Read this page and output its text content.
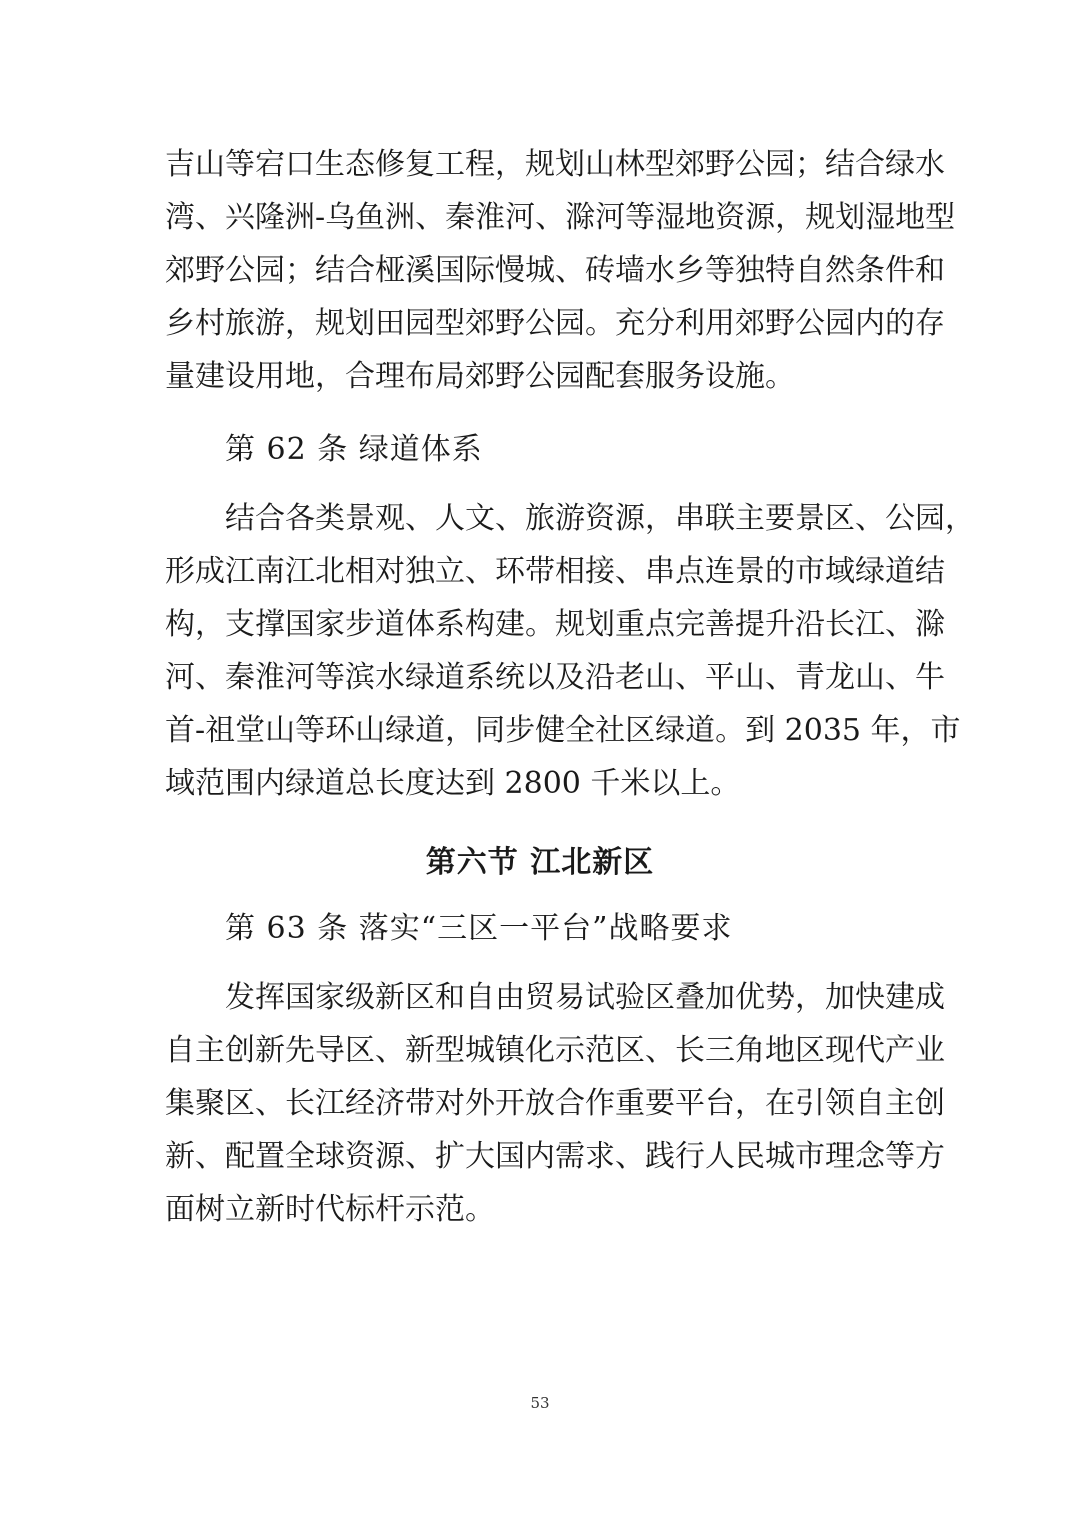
吉山等宕口生态修复工程，规划山林型郊野公园；结合绿水
湾、兴隆洲-乌鱼洲、秦淮河、滁河等湿地资源，规划湿地型
郊野公园；结合桠溪国际慢城、砖墙水乡等独特自然条件和
乡村旅游，规划田园型郊野公园。充分利用郊野公园内的存
量建设用地，合理布局郊野公园配套服务设施。
第 62 条 绿道体系
结合各类景观、人文、旅游资源，串联主要景区、公园，
形成江南江北相对独立、环带相接、串点连景的市域绿道结
构，支撑国家步道体系构建。规划重点完善提升沿长江、滁
河、秦淮河等滨水绿道系统以及沿老山、平山、青龙山、牛
首-祖堂山等环山绿道，同步健全社区绿道。到 2035 年，市
域范围内绿道总长度达到 2800 千米以上。
第六节 江北新区
第 63 条 落实“三区一平台”战略要求
发挥国家级新区和自由贸易试验区叠加优势，加快建成
自主创新先导区、新型城镇化示范区、长三角地区现代产业
集聚区、长江经济带对外开放合作重要平台，在引领自主创
新、配置全球资源、扩大国内需求、践行人民城市理念等方
面树立新时代标杆示范。
53
